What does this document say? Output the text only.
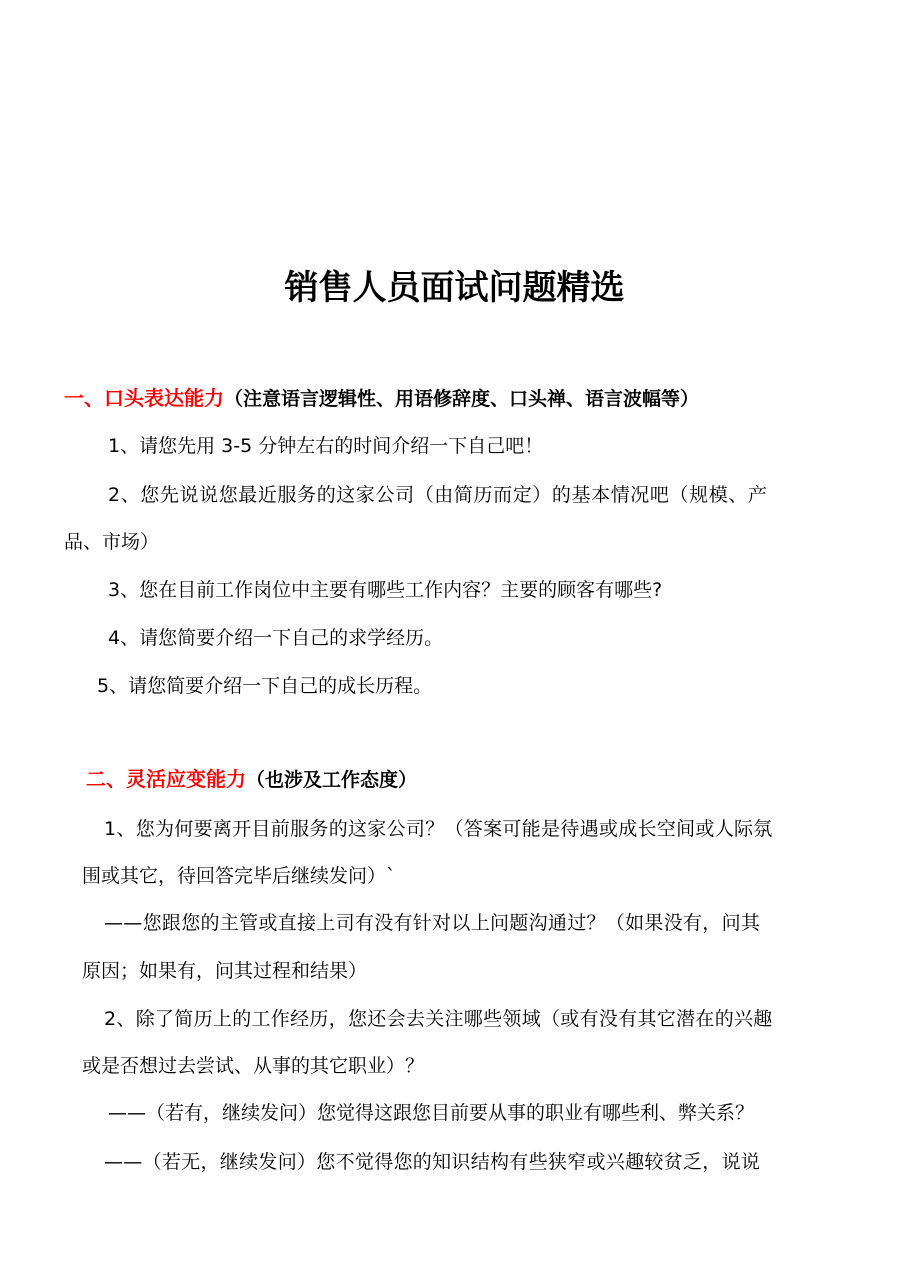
销售人员面试问题精选
一、口头表达能力（注意语言逻辑性、用语修辞度、口头禅、语言波幅等）
1、请您先用 3-5 分钟左右的时间介绍一下自己吧！
2、您先说说您最近服务的这家公司（由简历而定）的基本情况吧（规模、产
品、市场）
3、您在目前工作岗位中主要有哪些工作内容？主要的顾客有哪些?
4、请您简要介绍一下自己的求学经历。
5、请您简要介绍一下自己的成长历程。
二、灵活应变能力（也涉及工作态度）
1、您为何要离开目前服务的这家公司？（答案可能是待遇或成长空间或人际氛
围或其它，待回答完毕后继续发问）`
——您跟您的主管或直接上司有没有针对以上问题沟通过？（如果没有，问其
原因；如果有，问其过程和结果）
2、除了简历上的工作经历，您还会去关注哪些领域（或有没有其它潜在的兴趣
或是否想过去尝试、从事的其它职业）？
——（若有，继续发问）您觉得这跟您目前要从事的职业有哪些利、弊关系？
——（若无，继续发问）您不觉得您的知识结构有些狭窄或兴趣较贫乏，说说
